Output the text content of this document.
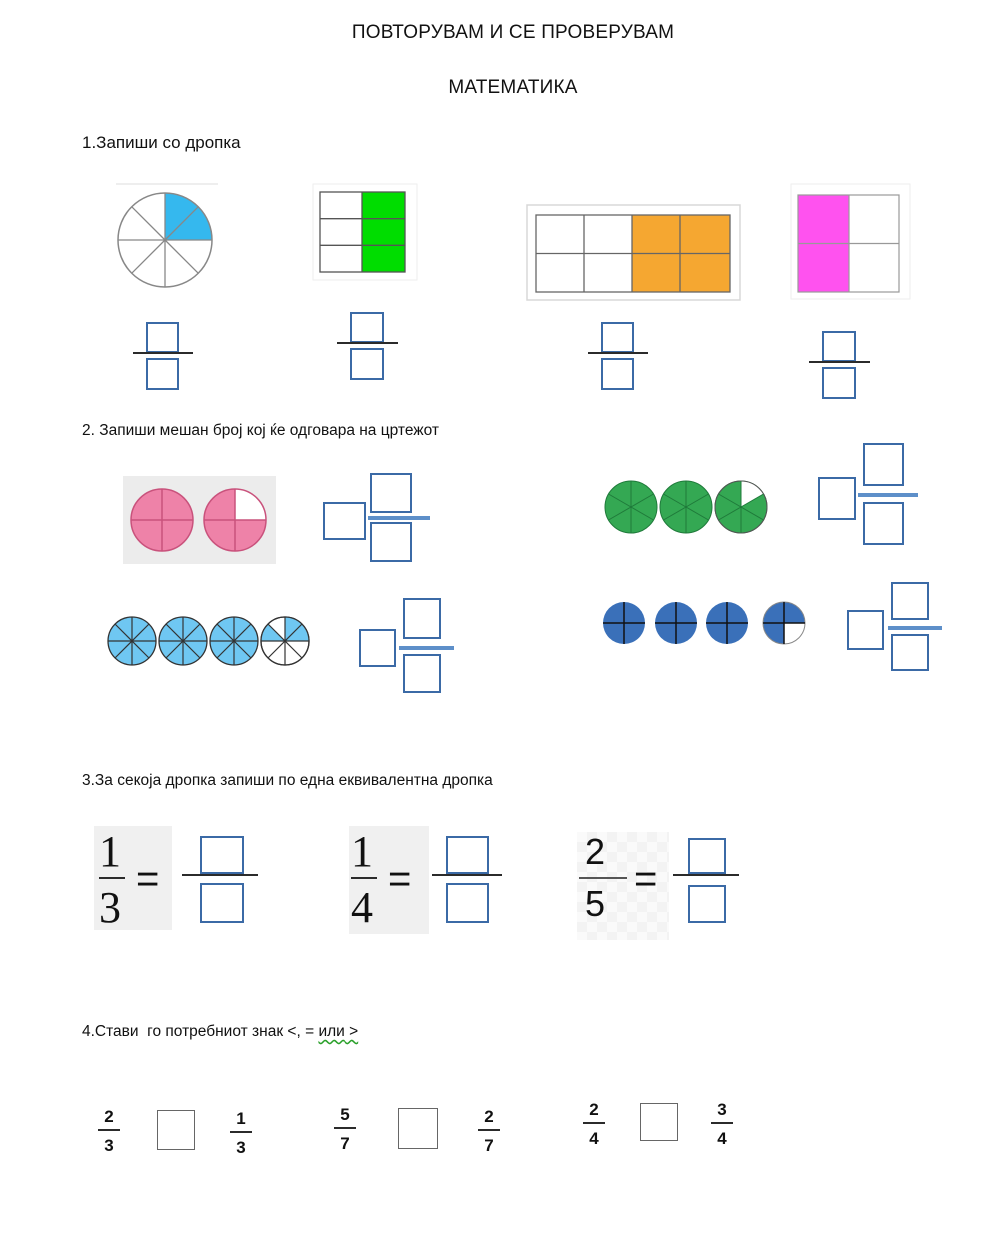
ПОВТОРУВАМ И СЕ ПРОВЕРУВАМ
МАТЕМАТИКА
1.Запиши со дропка
2. Запиши мешан број кој ќе одговара на цртежот
3.За секоја дропка запиши по една еквивалентна дропка
1
3
=
1
4
=
2
5
=
4.Стави  го потребниот знак <, = или >
2
3
1
3
5
7
2
7
2
4
3
4
